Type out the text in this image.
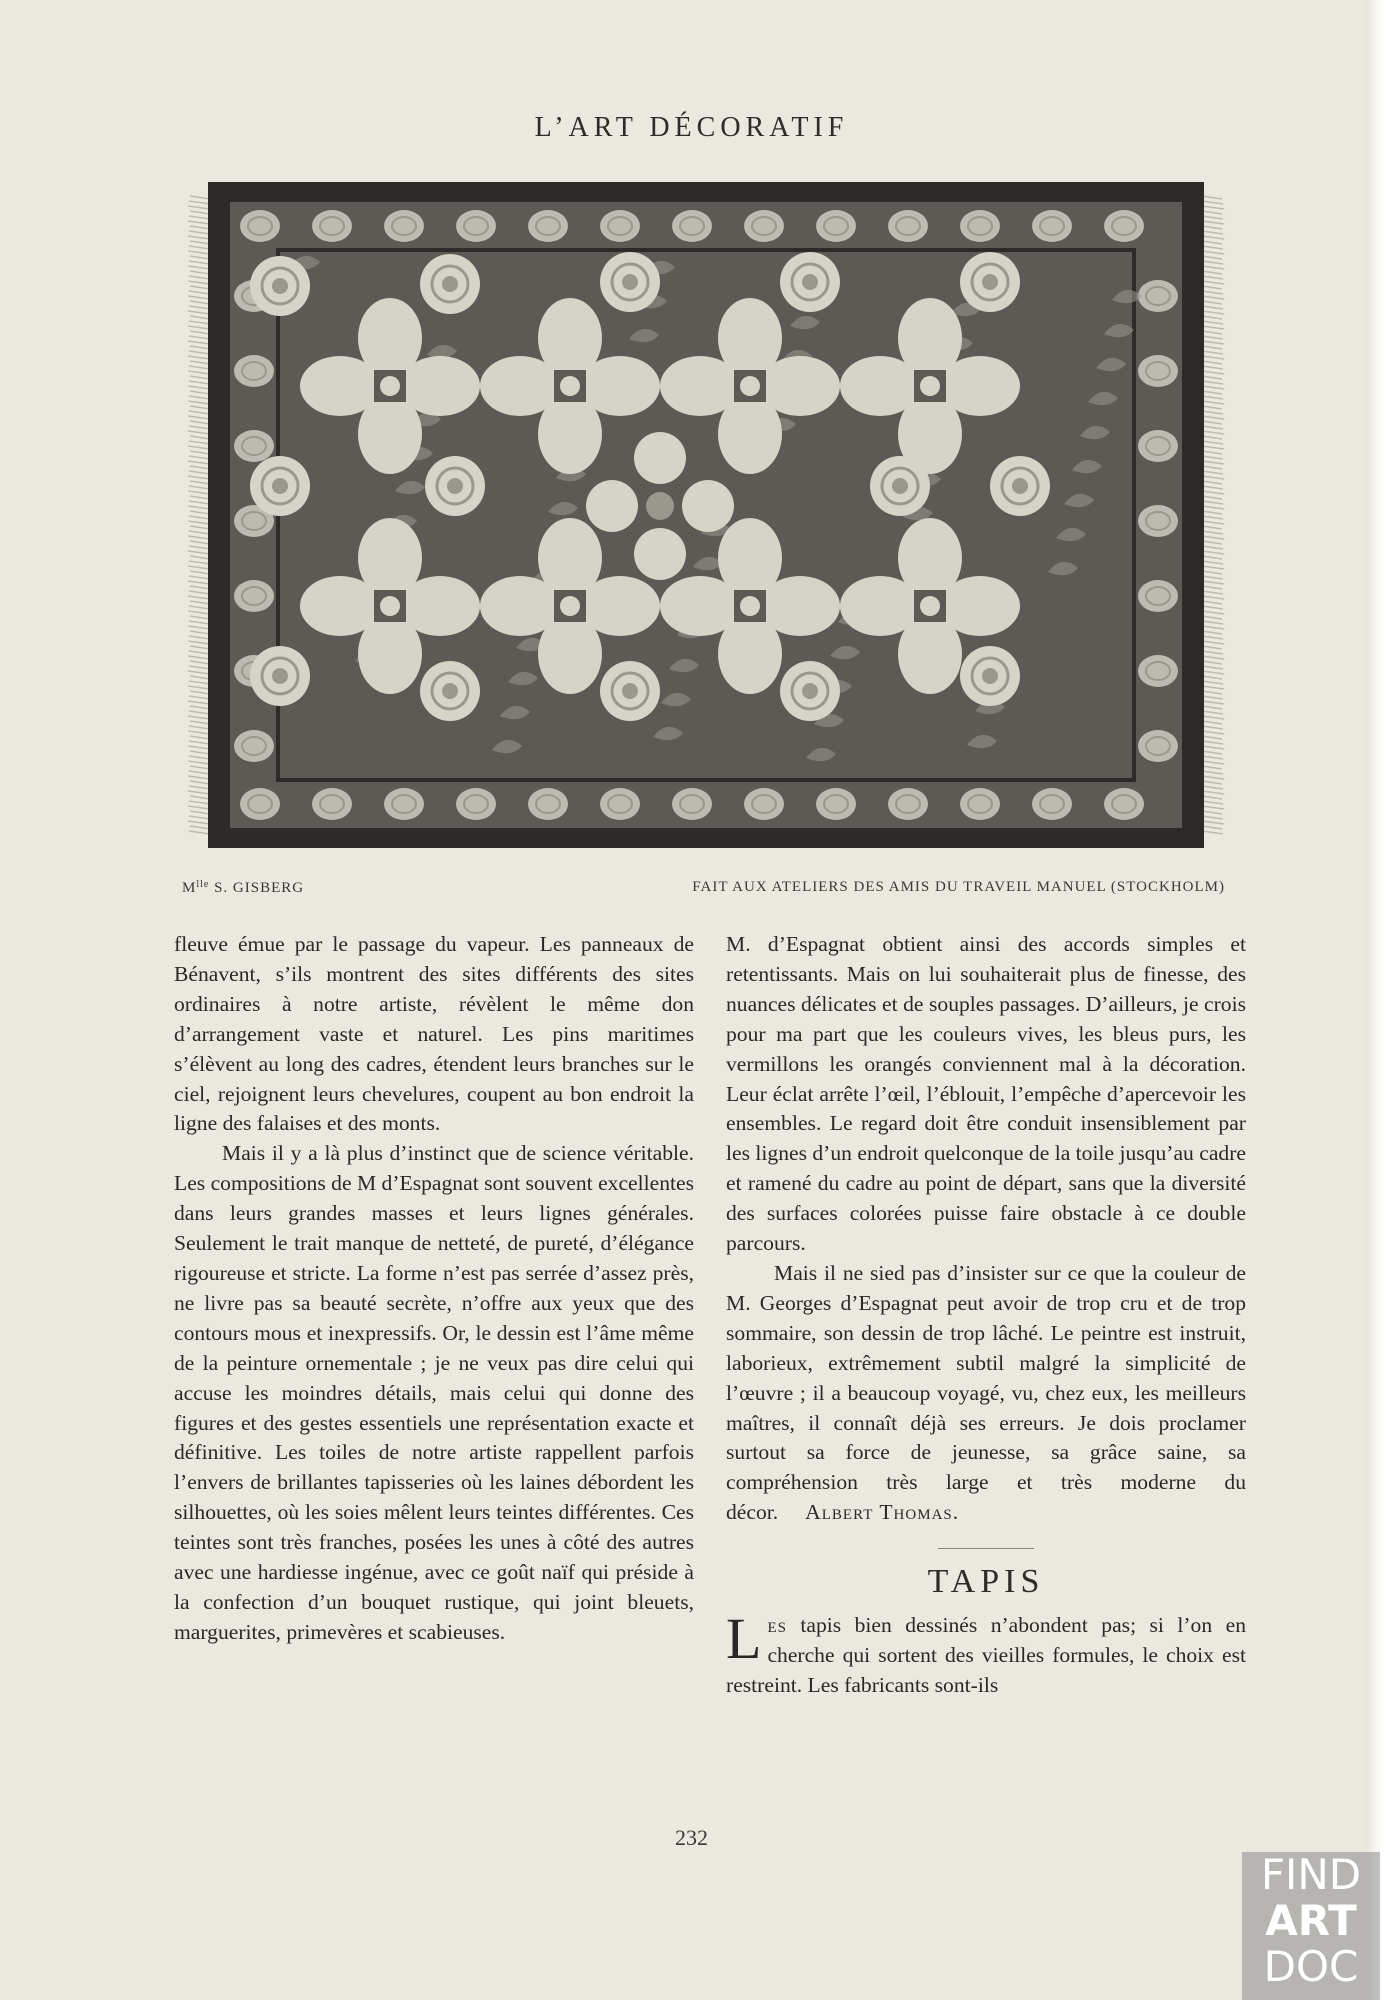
L’ART DÉCORATIF
$M^{lle}$ S. GISBERG	FAIT AUX ATELIERS DES AMIS DU TRAVEIL MANUEL (STOCKHOLM)

fleuve émue par le passage du vapeur. Les panneaux de Bénavent, s’ils montrent des sites différents des sites ordinaires à notre artiste, révèlent le même don d’arrangement vaste et naturel. Les pins maritimes s’élèvent au long des cadres, étendent leurs branches sur le ciel, rejoignent leurs chevelures, coupent au bon endroit la ligne des falaises et des monts.

Mais il y a là plus d’instinct que de science véritable. Les compositions de M d’Espagnat sont souvent excellentes dans leurs grandes masses et leurs lignes générales. Seulement le trait manque de netteté, de pureté, d’élégance rigoureuse et stricte. La forme n’est pas serrée d’assez près, ne livre pas sa beauté secrète, n’offre aux yeux que des contours mous et inexpressifs. Or, le dessin est l’âme même de la peinture ornementale ; je ne veux pas dire celui qui accuse les moindres détails, mais celui qui donne des figures et des gestes essentiels une représentation exacte et définitive. Les toiles de notre artiste rappellent parfois l’envers de brillantes tapisseries où les laines débordent les silhouettes, où les soies mêlent leurs teintes différentes. Ces teintes sont très franches, posées les unes à côté des autres avec une hardiesse ingénue, avec ce goût naïf qui préside à la confection d’un bouquet rustique, qui joint bleuets, marguerites, primevères et scabieuses.

M. d’Espagnat obtient ainsi des accords simples et retentissants. Mais on lui souhaiterait plus de finesse, des nuances délicates et de souples passages. D’ailleurs, je crois pour ma part que les couleurs vives, les bleus purs, les vermillons les orangés conviennent mal à la décoration. Leur éclat arrête l’œil, l’éblouit, l’empêche d’apercevoir les ensembles. Le regard doit être conduit insensiblement par les lignes d’un endroit quelconque de la toile jusqu’au cadre et ramené du cadre au point de départ, sans que la diversité des surfaces colorées puisse faire obstacle à ce double parcours.

Mais il ne sied pas d’insister sur ce que la couleur de M. Georges d’Espagnat peut avoir de trop cru et de trop sommaire, son dessin de trop lâché. Le peintre est instruit, laborieux, extrêmement subtil malgré la simplicité de l’œuvre ; il a beaucoup voyagé, vu, chez eux, les meilleurs maîtres, il connaît déjà ses erreurs. Je dois proclamer surtout sa force de jeunesse, sa grâce saine, sa compréhension très large et très moderne du décor. Albert Thomas.

TAPIS

Les tapis bien dessinés n’abondent pas; si l’on en cherche qui sortent des vieilles formules, le choix est restreint. Les fabricants sont-ils

232
FIND
ART
DOC
